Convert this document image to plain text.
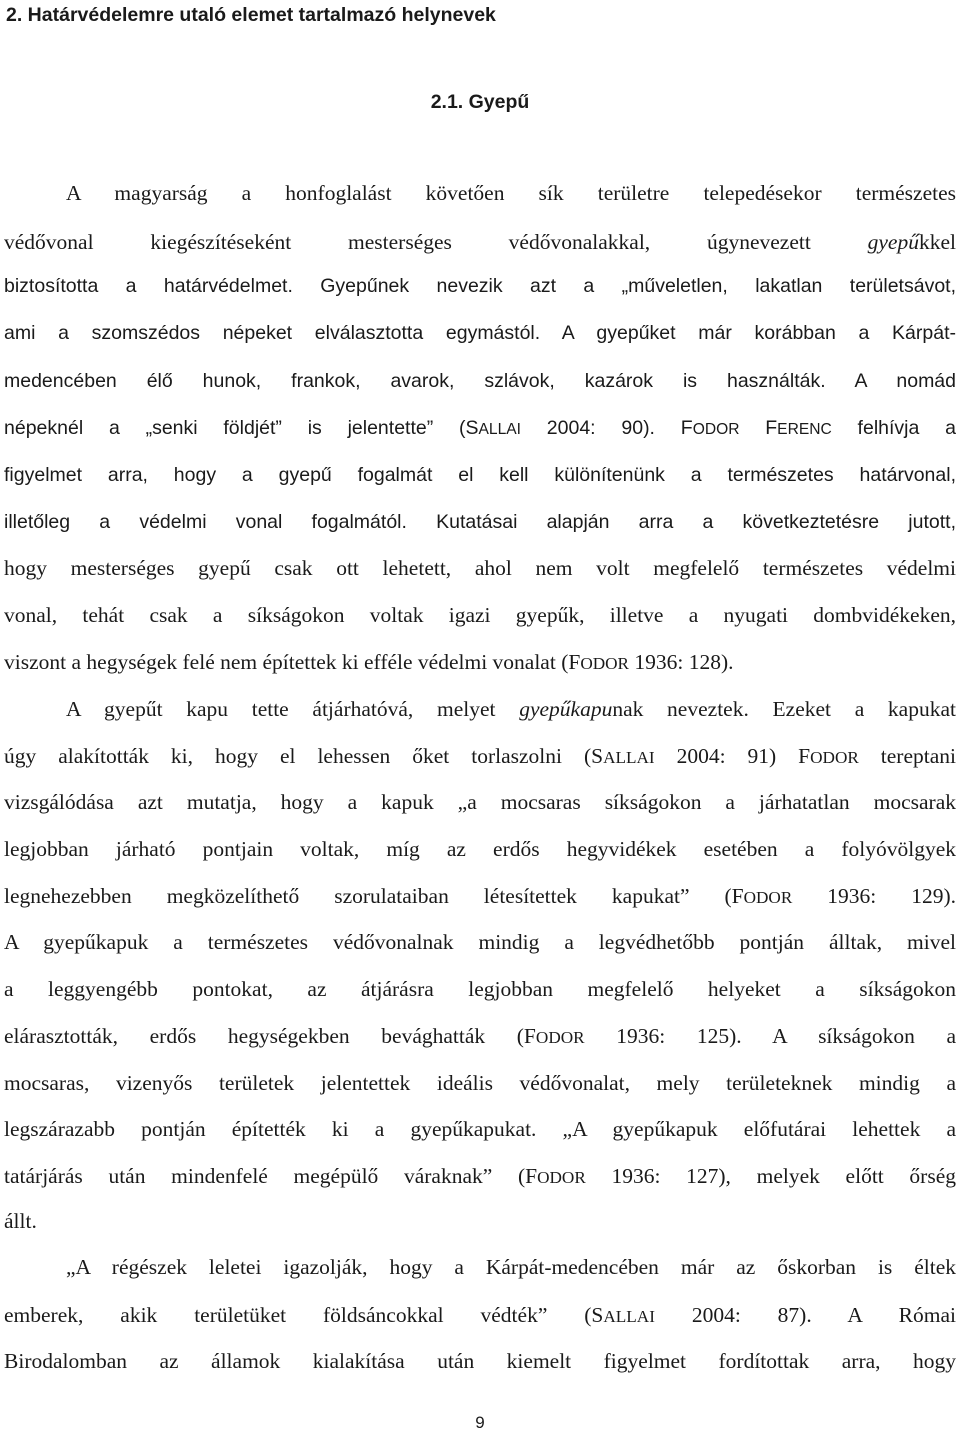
2. Határvédelemre utaló elemet tartalmazó helynevek
2.1. Gyepű
A magyarság a honfoglalást követően sík területre telepedésekor természetes
védővonal kiegészítéseként mesterséges védővonalakkal, úgynevezett gyepűkkel
biztosította a határvédelmet. Gyepűnek nevezik azt a „műveletlen, lakatlan területsávot,
ami a szomszédos népeket elválasztotta egymástól. A gyepűket már korábban a Kárpát-
medencében élő hunok, frankok, avarok, szlávok, kazárok is használták. A nomád
népeknél a „senki földjét” is jelentette” (SALLAI 2004: 90). FODOR FERENC felhívja a
figyelmet arra, hogy a gyepű fogalmát el kell különítenünk a természetes határvonal,
illetőleg a védelmi vonal fogalmától. Kutatásai alapján arra a következtetésre jutott,
hogy mesterséges gyepű csak ott lehetett, ahol nem volt megfelelő természetes védelmi
vonal, tehát csak a síkságokon voltak igazi gyepűk, illetve a nyugati dombvidékeken,
viszont a hegységek felé nem építettek ki efféle védelmi vonalat (FODOR 1936: 128).
A gyepűt kapu tette átjárhatóvá, melyet gyepűkapunak neveztek. Ezeket a kapukat
úgy alakították ki, hogy el lehessen őket torlaszolni (SALLAI 2004: 91) FODOR tereptani
vizsgálódása azt mutatja, hogy a kapuk „a mocsaras síkságokon a járhatatlan mocsarak
legjobban járható pontjain voltak, míg az erdős hegyvidékek esetében a folyóvölgyek
legnehezebben megközelíthető szorulataiban létesítettek kapukat” (FODOR 1936: 129).
A gyepűkapuk a természetes védővonalnak mindig a legvédhetőbb pontján álltak, mivel
a leggyengébb pontokat, az átjárásra legjobban megfelelő helyeket a síkságokon
elárasztották, erdős hegységekben bevághatták (FODOR 1936: 125). A síkságokon a
mocsaras, vizenyős területek jelentettek ideális védővonalat, mely területeknek mindig a
legszárazabb pontján építették ki a gyepűkapukat. „A gyepűkapuk előfutárai lehettek a
tatárjárás után mindenfelé megépülő váraknak” (FODOR 1936: 127), melyek előtt őrség
állt.
„A régészek leletei igazolják, hogy a Kárpát-medencében már az őskorban is éltek
emberek, akik területüket földsáncokkal védték” (SALLAI 2004: 87). A Római
Birodalomban az államok kialakítása után kiemelt figyelmet fordítottak arra, hogy
9
